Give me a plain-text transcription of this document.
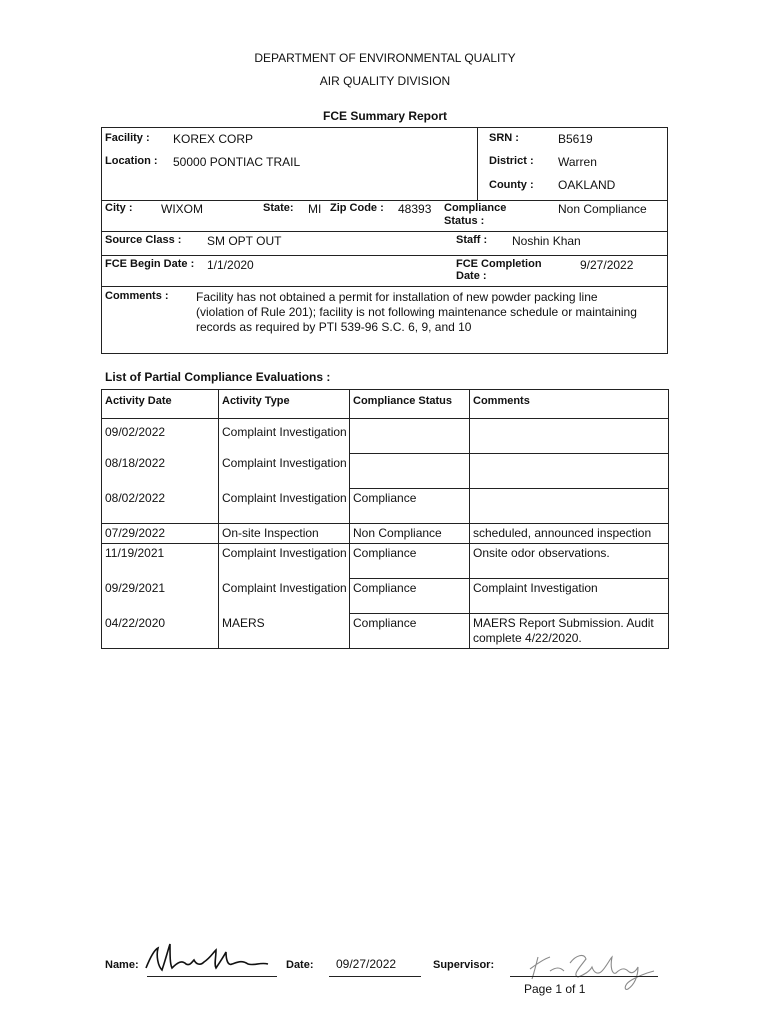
DEPARTMENT OF ENVIRONMENTAL QUALITY
AIR QUALITY DIVISION
FCE Summary Report
Facility : KOREX CORP	SRN :	B5619
Location : 50000 PONTIAC TRAIL	District : Warren
County : OAKLAND
City : WIXOM	State: MI Zip Code : 48393 Compliance
Status :
Non Compliance
Source Class : SM OPT OUT	Staff : Noshin Khan
FCE Begin Date : 1/1/2020	FCE Completion
Date :
9/27/2022
Comments : Facility has not obtained a permit for installation of new powder packing line
(violation of Rule 201); facility is not following maintenance schedule or maintaining
records as required by PTI 539-96 S.C. 6, 9, and 10
List of Partial Compliance Evaluations :
Activity Date	Activity Type	Compliance Status	Comments
09/02/2022	Complaint Investigation		
08/18/2022	Complaint Investigation		
08/02/2022	Complaint Investigation	Compliance	
07/29/2022	On-site Inspection	Non Compliance	scheduled, announced inspection
11/19/2021	Complaint Investigation	Compliance	Onsite odor observations.
09/29/2021	Complaint Investigation	Compliance	Complaint Investigation
04/22/2020	MAERS	Compliance	MAERS Report Submission. Audit complete 4/22/2020.
Name:	Date: 09/27/2022	Supervisor:
Page 1 of 1
